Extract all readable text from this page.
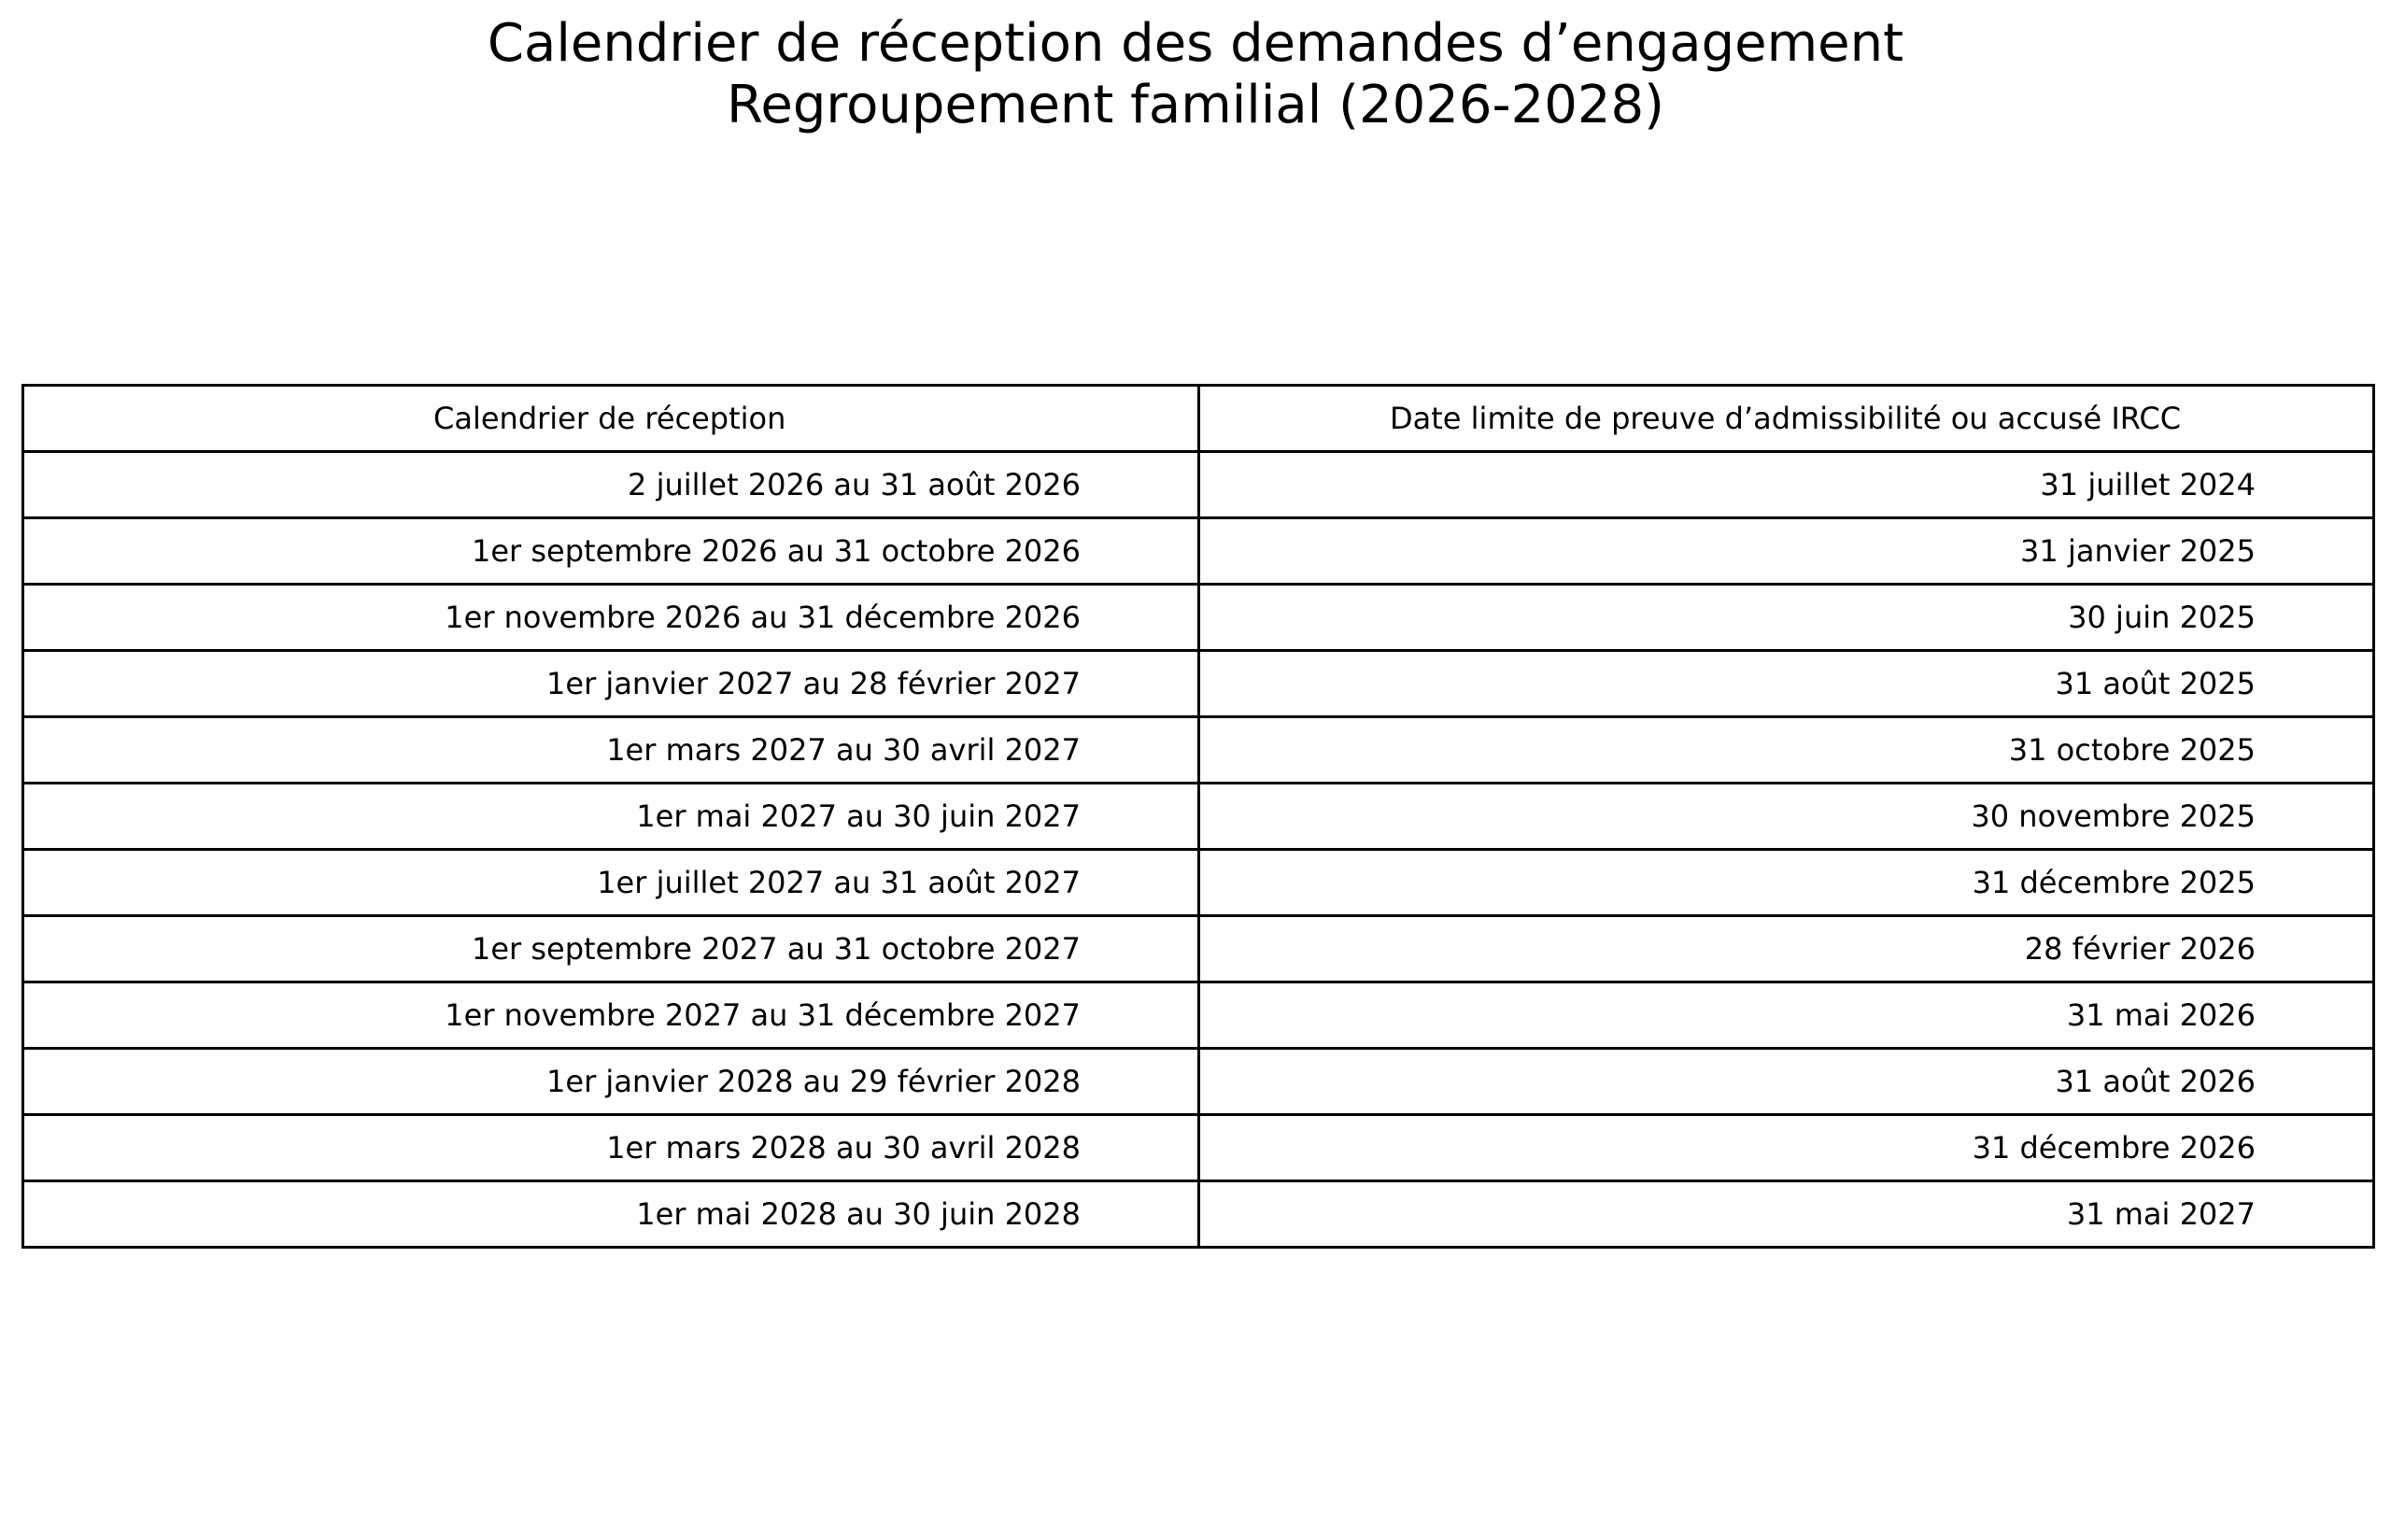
Calendrier de réception des demandes d’engagement
Regroupement familial (2026-2028)
Calendrier de réception	Date limite de preuve d’admissibilité ou accusé IRCC
2 juillet 2026 au 31 août 2026	31 juillet 2024
1er septembre 2026 au 31 octobre 2026	31 janvier 2025
1er novembre 2026 au 31 décembre 2026	30 juin 2025
1er janvier 2027 au 28 février 2027	31 août 2025
1er mars 2027 au 30 avril 2027	31 octobre 2025
1er mai 2027 au 30 juin 2027	30 novembre 2025
1er juillet 2027 au 31 août 2027	31 décembre 2025
1er septembre 2027 au 31 octobre 2027	28 février 2026
1er novembre 2027 au 31 décembre 2027	31 mai 2026
1er janvier 2028 au 29 février 2028	31 août 2026
1er mars 2028 au 30 avril 2028	31 décembre 2026
1er mai 2028 au 30 juin 2028	31 mai 2027
